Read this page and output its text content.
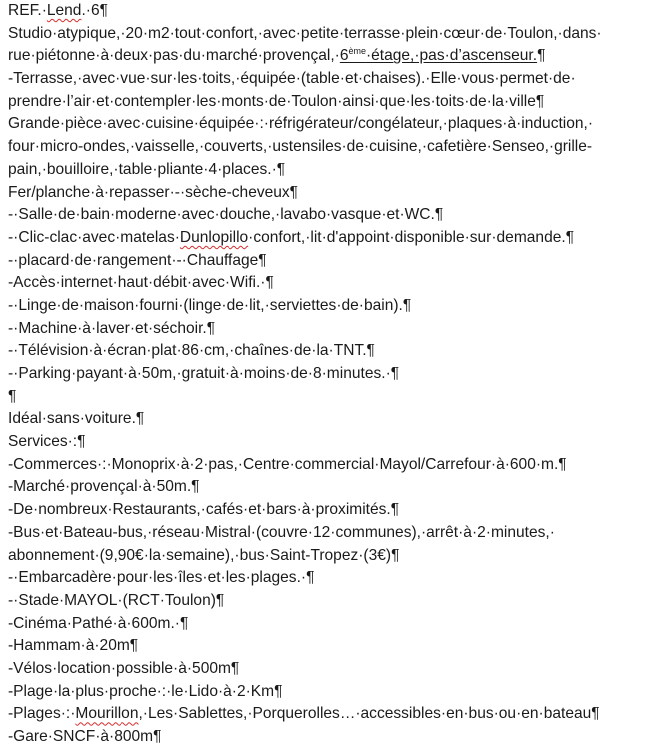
REF.·Lend.·6¶
Studio·atypique,·20·m2·tout·confort,·avec·petite·terrasse·plein·cœur·de·Toulon,·dans·
rue·piétonne·à·deux·pas·du·marché·provençal,·6ème·étage,·pas·d’ascenseur.¶
-Terrasse,·avec·vue·sur·les·toits,·équipée·(table·et·chaises).·Elle·vous·permet·de·
prendre·l’air·et·contempler·les·monts·de·Toulon·ainsi·que·les·toits·de·la·ville¶
Grande·pièce·avec·cuisine·équipée·:·réfrigérateur/congélateur,·plaques·à·induction,·
four·micro-ondes,·vaisselle,·couverts,·ustensiles·de·cuisine,·cafetière·Senseo,·grille-
pain,·bouilloire,·table·pliante·4·places.·¶
Fer/planche·à·repasser·-·sèche-cheveux¶
-·Salle·de·bain·moderne·avec·douche,·lavabo·vasque·et·WC.¶
-·Clic-clac·avec·matelas·Dunlopillo·confort,·lit·d'appoint·disponible·sur·demande.¶
-·placard·de·rangement·-·Chauffage¶
-Accès·internet·haut·débit·avec·Wifi.·¶
-·Linge·de·maison·fourni·(linge·de·lit,·serviettes·de·bain).¶
-·Machine·à·laver·et·séchoir.¶
-·Télévision·à·écran·plat·86·cm,·chaînes·de·la·TNT.¶
-·Parking·payant·à·50m,·gratuit·à·moins·de·8·minutes.·¶
¶
Idéal·sans·voiture.¶
Services·:¶
-Commerces·:·Monoprix·à·2·pas,·Centre·commercial·Mayol/Carrefour·à·600·m.¶
-Marché·provençal·à·50m.¶
-De·nombreux·Restaurants,·cafés·et·bars·à·proximités.¶
-Bus·et·Bateau-bus,·réseau·Mistral·(couvre·12·communes),·arrêt·à·2·minutes,·
abonnement·(9,90€·la·semaine),·bus·Saint-Tropez·(3€)¶
-·Embarcadère·pour·les·îles·et·les·plages.·¶
-·Stade·MAYOL·(RCT·Toulon)¶
-Cinéma·Pathé·à·600m.·¶
-Hammam·à·20m¶
-Vélos·location·possible·à·500m¶
-Plage·la·plus·proche·:·le·Lido·à·2·Km¶
-Plages·:·Mourillon,·Les·Sablettes,·Porquerolles…·accessibles·en·bus·ou·en·bateau¶
-Gare·SNCF·à·800m¶
